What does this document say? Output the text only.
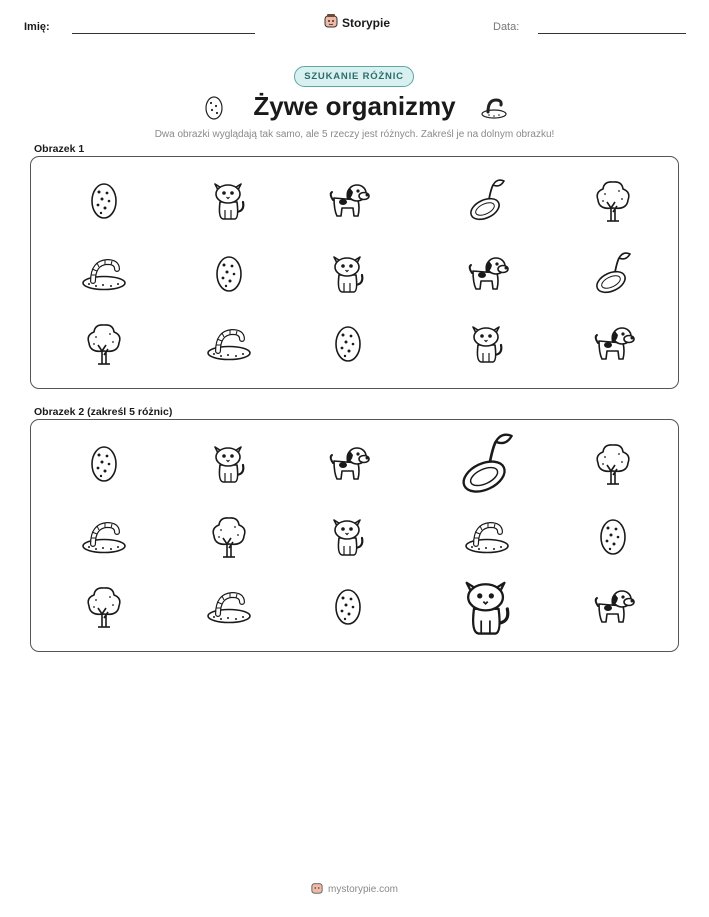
Imię:	Storypie	Data:
SZUKANIE RÓŻNIC
Żywe organizmy
Dwa obrazki wyglądają tak samo, ale 5 rzeczy jest różnych. Zakreśl je na dolnym obrazku!
Obrazek 1
Obrazek 2 (zakreśl 5 różnic)
mystorypie.com
